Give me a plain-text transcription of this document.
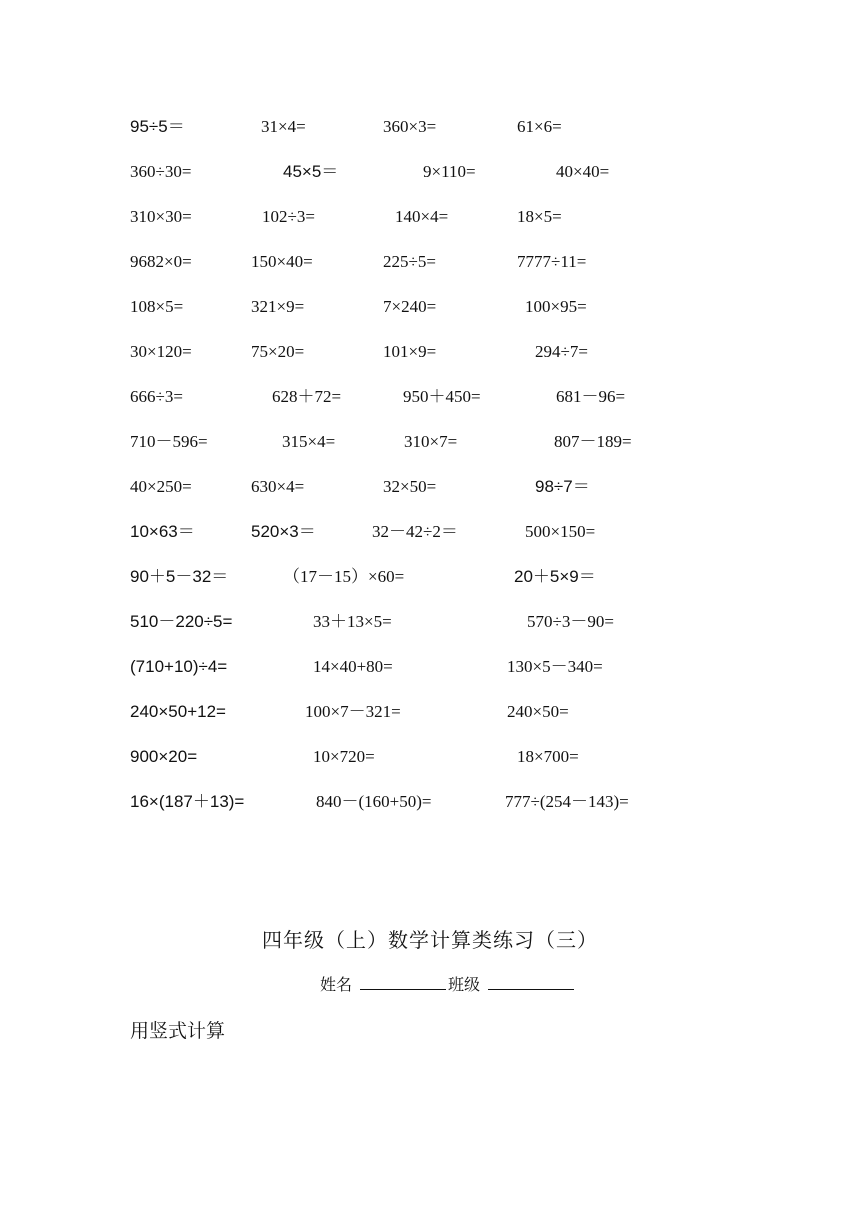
95÷5＝	31×4=	360×3=	61×6=
360÷30=	45×5＝	9×110=	40×40=
310×30=	102÷3=	140×4=	18×5=
9682×0=	150×40=	225÷5=	7777÷11=
108×5=	321×9=	7×240=	100×95=
30×120=	75×20=	101×9=	294÷7=
666÷3=	628＋72=	950＋450=	681－96=
710－596=	315×4=	310×7=	807－189=
40×250=	630×4=	32×50=	98÷7＝
10×63＝	520×3＝	32－42÷2＝	500×150=
90＋5－32＝	（17－15）×60=	20＋5×9＝
510－220÷5=	33＋13×5=	570÷3－90=
(710+10)÷4=	14×40+80=	130×5－340=
240×50+12=	100×7－321=	240×50=
900×20=	10×720=	18×700=
16×(187＋13)=	840－(160+50)=	777÷(254－143)=
四年级（上）数学计算类练习（三）
姓名	班级
用竖式计算
